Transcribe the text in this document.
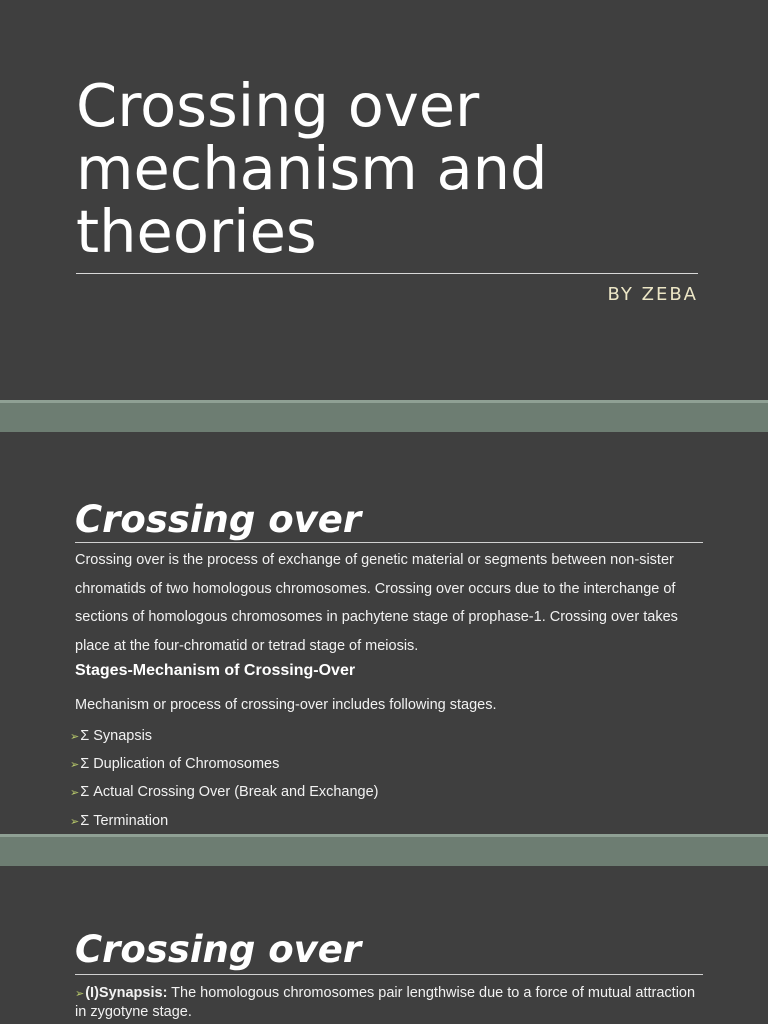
Crossing over mechanism and theories
BY ZEBA
Crossing over

Crossing over is the process of exchange of genetic material or segments between non-sister chromatids of two homologous chromosomes. Crossing over occurs due to the interchange of sections of homologous chromosomes in pachytene stage of prophase-1. Crossing over takes place at the four-chromatid or tetrad stage of meiosis.

Stages-Mechanism of Crossing-Over
Mechanism or process of crossing-over includes following stages.
➢Σ Synapsis
➢Σ Duplication of Chromosomes
➢Σ Actual Crossing Over (Break and Exchange)
➢Σ Termination
Crossing over

➢(I)Synapsis: The homologous chromosomes pair lengthwise due to a force of mutual attraction in zygotyne stage.
